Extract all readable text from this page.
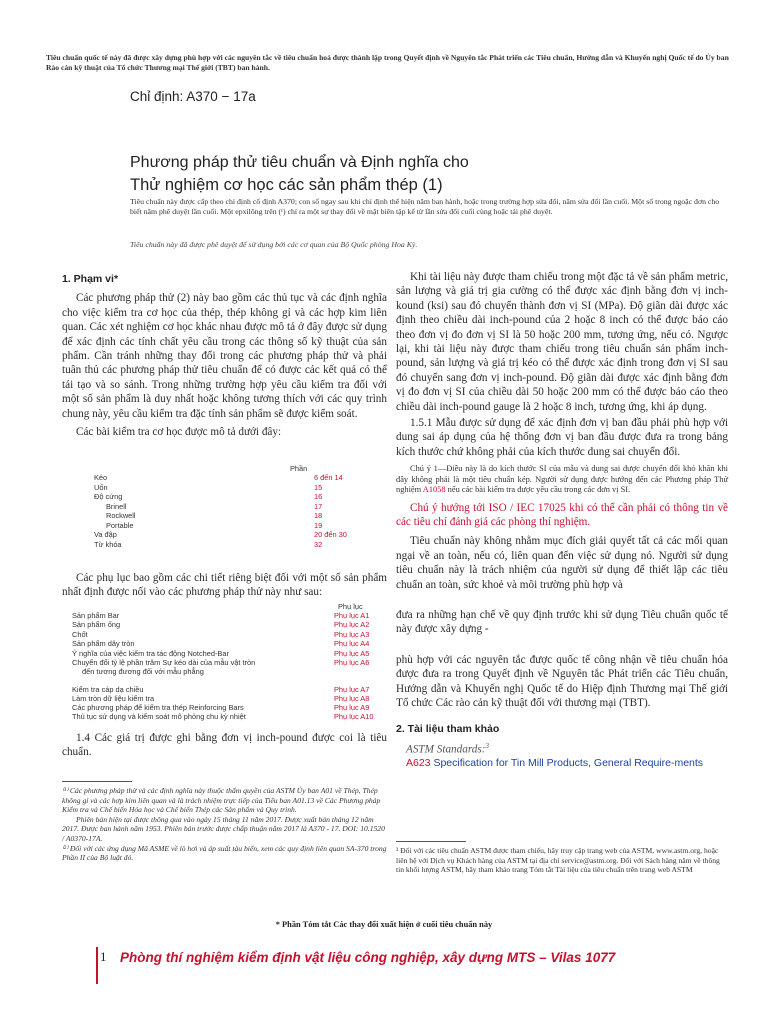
Tiêu chuẩn quốc tế này đã được xây dựng phù hợp với các nguyên tắc về tiêu chuẩn hoá được thành lập trong Quyết định về Nguyên tắc Phát triển các Tiêu chuẩn, Hướng dẫn và Khuyến nghị Quốc tế do Ủy ban Rào cản kỹ thuật của Tổ chức Thương mại Thế giới (TBT) ban hành.
Chỉ định: A370 − 17a
Phương pháp thử tiêu chuẩn và Định nghĩa cho
Thử nghiệm cơ học các sản phẩm thép (1)
Tiêu chuẩn này được cấp theo chỉ định cố định A370; con số ngay sau khi chỉ định thể hiện năm ban hành, hoặc trong trường hợp sửa đổi, năm sửa đổi lần cuối. Một số trong ngoặc đơn cho biết năm phê duyệt lần cuối. Một epxilông trên (ᵋ) chỉ ra một sự thay đổi về mặt biên tập kể từ lần sửa đổi cuối cùng hoặc tái phê duyệt.
Tiêu chuẩn này đã được phê duyệt để sử dụng bởi các cơ quan của Bộ Quốc phòng Hoa Kỳ.
1. Phạm vi*

Các phương pháp thử (2) này bao gồm các thủ tục và các định nghĩa cho việc kiểm tra cơ học của thép, thép không gỉ và các hợp kim liên quan. Các xét nghiệm cơ học khác nhau được mô tả ở đây được sử dụng để xác định các tính chất yêu cầu trong các thông số kỹ thuật của sản phẩm. Cần tránh những thay đổi trong các phương pháp thử và phải tuân thủ các phương pháp thử tiêu chuẩn để có được các kết quả có thể tái tạo và so sánh. Trong những trường hợp yêu cầu kiểm tra đối với một số sản phẩm là duy nhất hoặc không tương thích với các quy trình chung này, yêu cầu kiểm tra đặc tính sản phẩm sẽ được kiểm soát.

Các bài kiểm tra cơ học được mô tả dưới đây:

Phần
Kéo	6 đến 14
Uốn	15
Độ cứng	16
Brinell	17
Rockwell	18
Portable	19
Va đập	20 đến 30
Từ khóa	32

Các phụ lục bao gồm các chi tiết riêng biệt đối với một số sản phẩm nhất định được nối vào các phương pháp thử này như sau:

Phụ lục
Sản phẩm Bar	Phụ lục A1
Sản phẩm ống	Phụ lục A2
Chốt	Phụ lục A3
Sản phẩm dây tròn	Phụ lục A4
Ý nghĩa của việc kiểm tra tác động Notched-Bar	Phụ lục A5
Chuyển đổi tỷ lệ phần trăm Sự kéo dài của mẫu vật tròn	Phụ lục A6
đến tương đương đối với mẫu phẳng
Kiểm tra cáp dạ chiều	Phụ lục A7
Làm tròn dữ liệu kiểm tra	Phụ lục A8
Các phương pháp để kiểm tra thép Reinforcing Bars	Phụ lục A9
Thủ tục sử dụng và kiểm soát mô phỏng chu kỳ nhiệt	Phụ lục A10

1.4 Các giá trị được ghi bằng đơn vị inch-pound được coi là tiêu chuẩn.

⁽¹⁾ Các phương pháp thử và các định nghĩa này thuộc thẩm quyền của ASTM Ủy ban A01 về Thép, Thép không gỉ và các hợp kim liên quan và là trách nhiệm trực tiếp của Tiểu ban A01.13 về Các Phương pháp Kiểm tra và Chế biến Hóa học và Chế biến Thép các Sản phẩm và Quy trình.
Phiên bản hiện tại được thông qua vào ngày 15 tháng 11 năm 2017. Được xuất bản tháng 12 năm 2017. Được ban hành năm 1953. Phiên bản trước được chấp thuận năm 2017 là A370 - 17. DOI: 10.1520 / A0370-17A.
⁽²⁾ Đối với các ứng dụng Mã ASME về lò hơi và áp suất tàu biển, xem các quy định liên quan SA-370 trong Phần II của Bộ luật đó.

Khi tài liệu này được tham chiếu trong một đặc tả về sản phẩm metric, sản lượng và giá trị gia cường có thể được xác định bằng đơn vị inch-kound (ksi) sau đó chuyển thành đơn vị SI (MPa). Độ giãn dài được xác định theo chiều dài inch-pound của 2 hoặc 8 inch có thể được báo cáo theo đơn vị đo đơn vị SI là 50 hoặc 200 mm, tương ứng, nếu có. Ngược lại, khi tài liệu này được tham chiếu trong tiêu chuẩn sản phẩm inch-pound, sản lượng và giá trị kéo có thể được xác định trong đơn vị SI sau đó chuyển sang đơn vị inch-pound. Độ giãn dài được xác định bằng đơn vị đo đơn vị SI của chiều dài 50 hoặc 200 mm có thể được báo cáo theo chiều dài inch-pound gauge là 2 hoặc 8 inch, tương ứng, khi áp dụng.

1.5.1 Mẫu được sử dụng để xác định đơn vị ban đầu phải phù hợp với dung sai áp dụng của hệ thống đơn vị ban đầu được đưa ra trong bảng kích thước chứ không phải của kích thước dung sai chuyển đổi.

Chú ý 1—Điều này là do kích thước SI của mẫu và dung sai được chuyển đổi khỏ khăn khi đây không phải là một tiêu chuẩn kép. Người sử dụng được hướng đến các Phương pháp Thử nghiệm A1058 nếu các bài kiểm tra được yêu cầu trong các đơn vị SI.

Chú ý hướng tới ISO / IEC 17025 khi có thể cần phải có thông tin về các tiêu chí đánh giá các phòng thí nghiệm.

Tiêu chuẩn này không nhằm mục đích giải quyết tất cả các mối quan ngại về an toàn, nếu có, liên quan đến việc sử dụng nó. Người sử dụng tiêu chuẩn này là trách nhiệm của người sử dụng để thiết lập các tiêu chuẩn an toàn, sức khoẻ và môi trường phù hợp và

đưa ra những hạn chế về quy định trước khi sử dụng Tiêu chuẩn quốc tế này được xây dựng -

phù hợp với các nguyên tắc được quốc tế công nhận về tiêu chuẩn hóa được đưa ra trong Quyết định về Nguyên tắc Phát triển các Tiêu chuẩn, Hướng dẫn và Khuyến nghị Quốc tế do Hiệp định Thương mại Thế giới Tổ chức Các rào cản kỹ thuật đối với thương mại (TBT).

2. Tài liệu tham khảo
ASTM Standards:$^3$
A623 Specification for Tin Mill Products, General Require-ments
³ Đối với các tiêu chuẩn ASTM được tham chiếu, hãy truy cập trang web của ASTM, www.astm.org, hoặc liên hệ với Dịch vụ Khách hàng của ASTM tại địa chỉ service@astm.org. Đối với Sách hàng năm về thông tin khối lượng ASTM, hãy tham khảo trang Tóm tắt Tài liệu của tiêu chuẩn trên trang web ASTM
* Phần Tóm tắt Các thay đổi xuất hiện ở cuối tiêu chuẩn này
1 Phòng thí nghiệm kiểm định vật liệu công nghiệp, xây dựng MTS – Vilas 1077
